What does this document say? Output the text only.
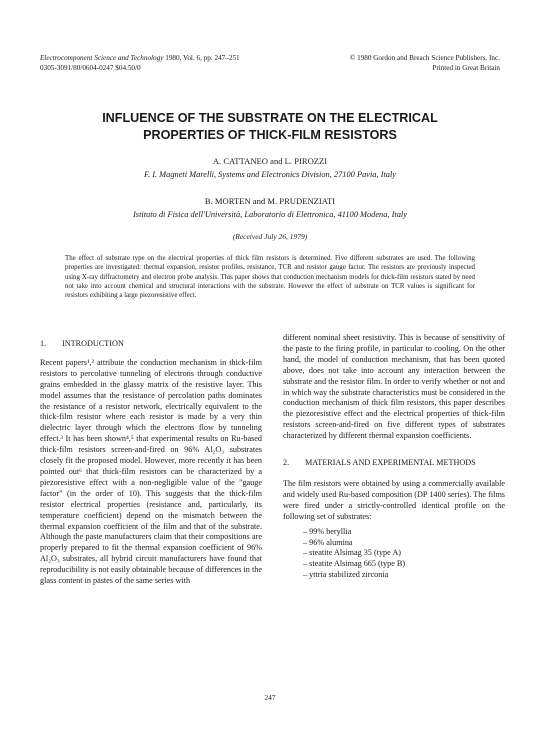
Electrocomponent Science and Technology 1980, Vol. 6, pp. 247–251
0305-3091/80/0604-0247 $04.50/0
© 1980 Gordon and Breach Science Publishers, Inc.
Printed in Great Britain
INFLUENCE OF THE SUBSTRATE ON THE ELECTRICAL
PROPERTIES OF THICK-FILM RESISTORS
A. CATTANEO and L. PIROZZI
F. I. Magneti Marelli, Systems and Electronics Division, 27100 Pavia, Italy
B. MORTEN and M. PRUDENZIATI
Istituto di Fisica dell'Università, Laboratorio di Elettronica, 41100 Modena, Italy
(Received July 26, 1979)
The effect of substrate type on the electrical properties of thick film resistors is determined. Five different substrates are used. The following properties are investigated: thermal expansion, resistor profiles, resistance, TCR and resistor gauge factor. The resistors are previously inspected using X-ray diffractometry and electron probe analysis. This paper shows that conduction mechanism models for thick-film resistors stated by need not take into account chemical and structural interactions with the substrate. However the effect of substrate on TCR values is significant for resistors exhibiting a large piezoresistive effect.
1. INTRODUCTION

Recent papers¹,² attribute the conduction mechanism in thick-film resistors to percolative tunneling of electrons through conductive grains embedded in the glassy matrix of the resistive layer. This model assumes that the resistance of percolation paths dominates the resistance of a resistor network, electrically equivalent to the thick-film resistor where each resistor is made by a very thin dielectric layer through which the electrons flow by tunneling effect.³ It has been shown⁴,⁵ that experimental results on Ru-based thick-film resistors screen-and-fired on 96% Al₂O₃ substrates closely fit the proposed model. However, more recently it has been pointed out⁶ that thick-film resistors can be characterized by a piezoresistive effect with a non-negligible value of the "gauge factor" (in the order of 10). This suggests that the thick-film resistor electrical properties (resistance and, particularly, its temperature coefficient) depend on the mismatch between the thermal expansion coefficient of the film and that of the substrate. Although the paste manufacturers claim that their compositions are properly prepared to fit the thermal expansion coefficient of 96% Al₂O₃ substrates, all hybrid circuit manufacturers have found that reproducibility is not easily obtainable because of differences in the glass content in pastes of the same series with

different nominal sheet resistivity. This is because of sensitivity of the paste to the firing profile, in particular to cooling. On the other hand, the model of conduction mechanism, that has been quoted above, does not take into account any interaction between the substrate and the resistor film. In order to verify whether or not and in which way the substrate characteristics must be considered in the conduction mechanism of thick film resistors, this paper describes the piezoresistive effect and the electrical properties of thick-film resistors screen-and-fired on five different types of substrates characterized by different thermal expansion coefficients.

2.	MATERIALS AND EXPERIMENTAL METHODS

The film resistors were obtained by using a commercially available and widely used Ru-based composition (DP 1400 series). The films were fired under a strictly-controlled identical profile on the following set of substrates:

– 99% beryllia
– 96% alumina
– steatite Alsimag 35 (type A)
– steatite Alsimag 665 (type B)
– yttria stabilized zirconia
247
